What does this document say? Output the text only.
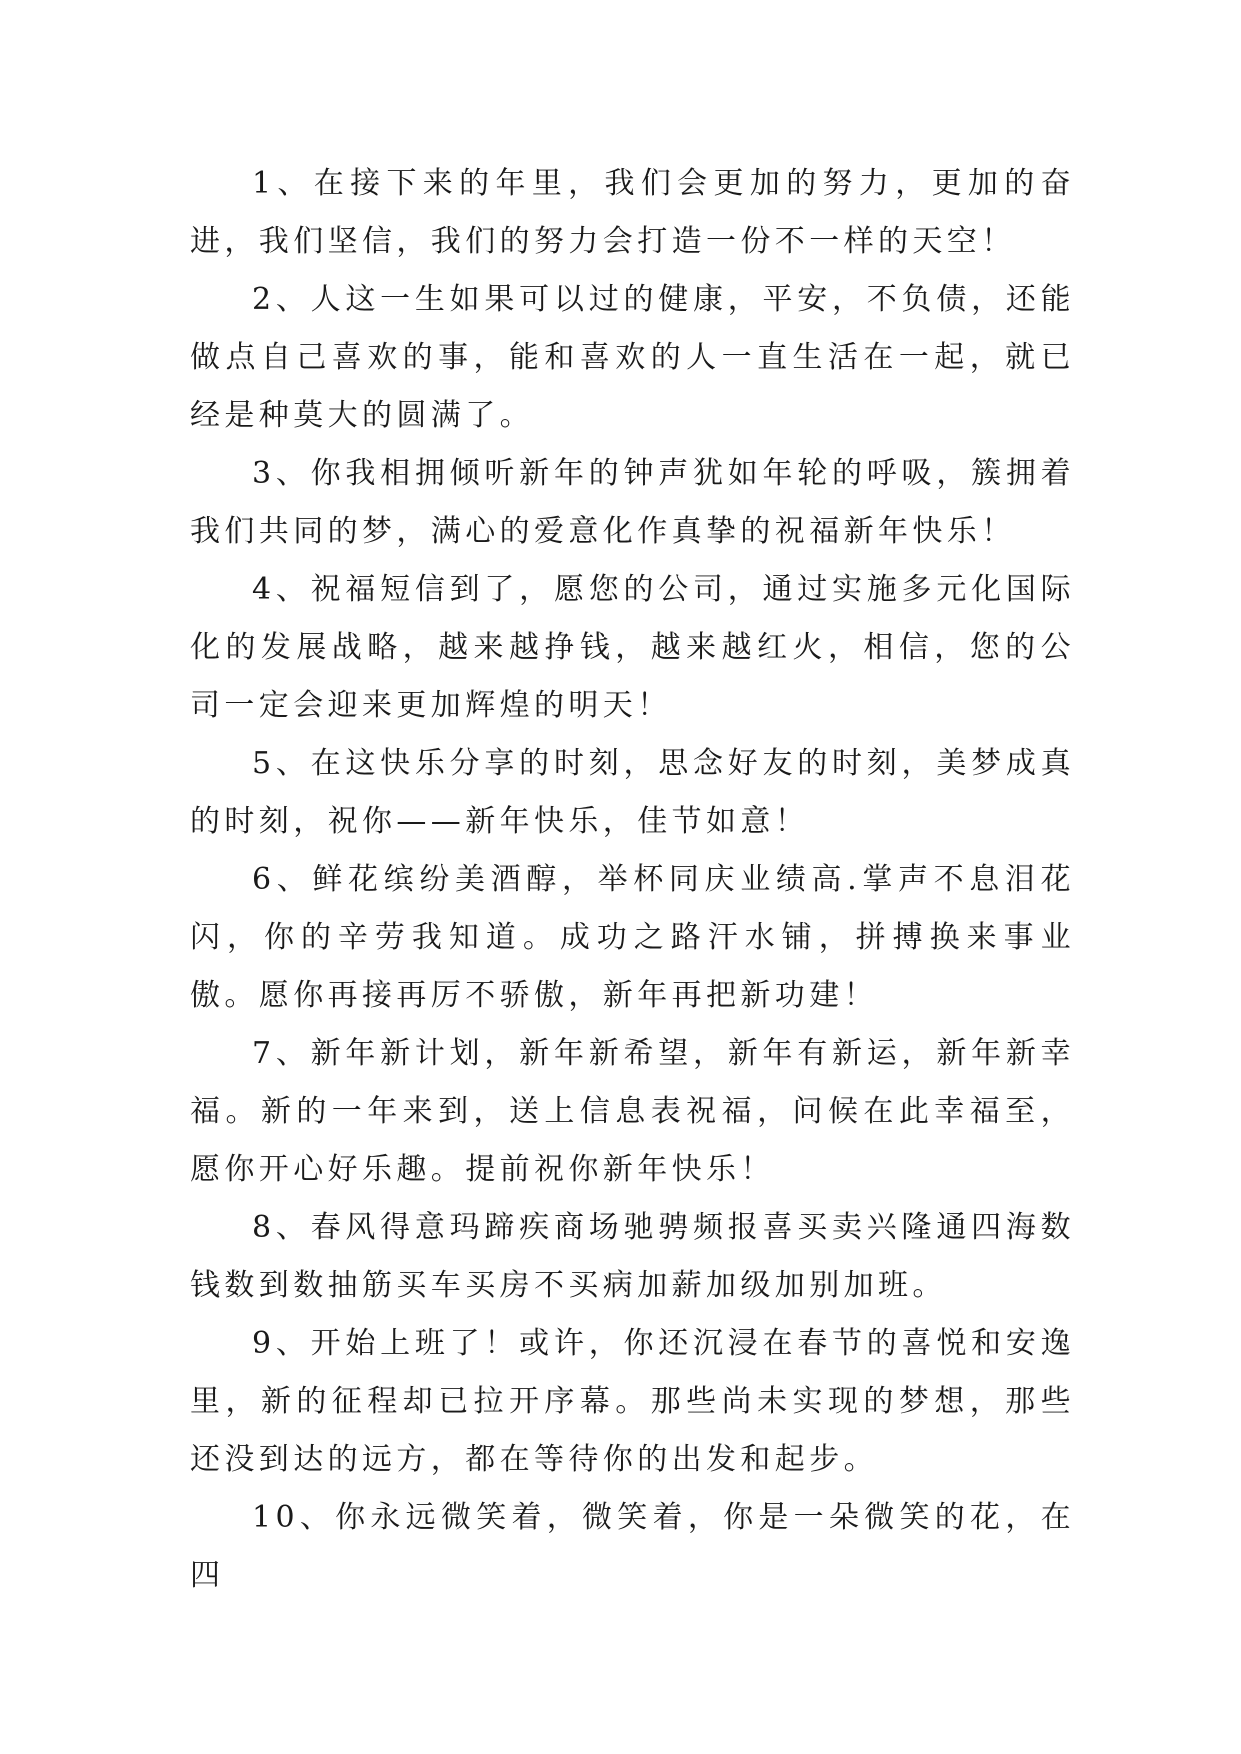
1、在接下来的年里，我们会更加的努力，更加的奋进，我们坚信，我们的努力会打造一份不一样的天空！

2、人这一生如果可以过的健康，平安，不负债，还能做点自己喜欢的事，能和喜欢的人一直生活在一起，就已经是种莫大的圆满了。

3、你我相拥倾听新年的钟声犹如年轮的呼吸，簇拥着我们共同的梦，满心的爱意化作真挚的祝福新年快乐！

4、祝福短信到了，愿您的公司，通过实施多元化国际化的发展战略，越来越挣钱，越来越红火，相信，您的公司一定会迎来更加辉煌的明天！

5、在这快乐分享的时刻，思念好友的时刻，美梦成真的时刻，祝你——新年快乐，佳节如意！

6、鲜花缤纷美酒醇，举杯同庆业绩高.掌声不息泪花闪，你的辛劳我知道。成功之路汗水铺，拼搏换来事业傲。愿你再接再厉不骄傲，新年再把新功建！

7、新年新计划，新年新希望，新年有新运，新年新幸福。新的一年来到，送上信息表祝福，问候在此幸福至，愿你开心好乐趣。提前祝你新年快乐！

8、春风得意玛蹄疾商场驰骋频报喜买卖兴隆通四海数钱数到数抽筋买车买房不买病加薪加级加别加班。

9、开始上班了！或许，你还沉浸在春节的喜悦和安逸里，新的征程却已拉开序幕。那些尚未实现的梦想，那些还没到达的远方，都在等待你的出发和起步。

10、你永远微笑着，微笑着，你是一朵微笑的花，在四
